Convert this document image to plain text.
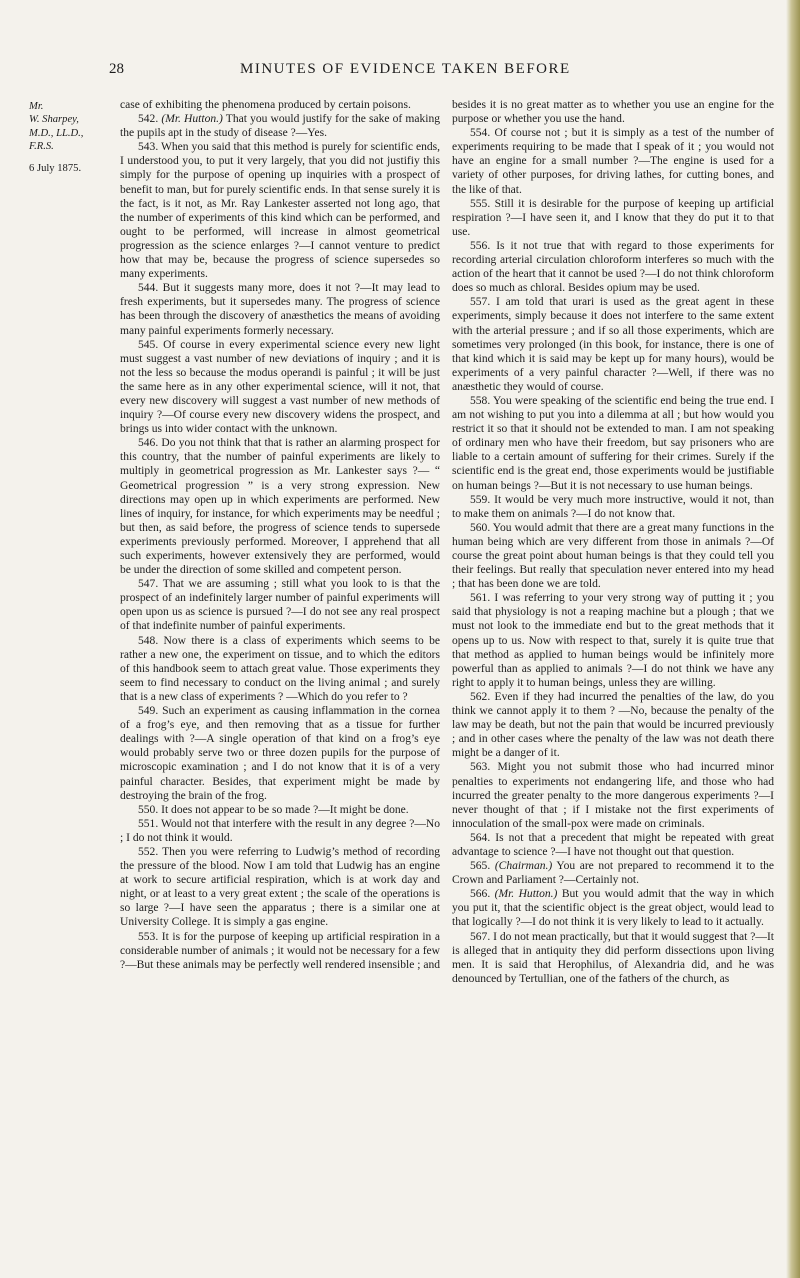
28	MINUTES OF EVIDENCE TAKEN BEFORE
Mr.
W. Sharpey,
M.D., LL.D.,
F.R.S.
6 July 1875.

case of exhibiting the phenomena produced by certain poisons.

542. (Mr. Hutton.) That you would justify for the sake of making the pupils apt in the study of disease ?—Yes.

543. When you said that this method is purely for scientific ends, I understood you, to put it very largely, that you did not justifiy this simply for the purpose of opening up inquiries with a prospect of benefit to man, but for purely scientific ends. In that sense surely it is the fact, is it not, as Mr. Ray Lankester asserted not long ago, that the number of experiments of this kind which can be performed, and ought to be performed, will increase in almost geometrical progression as the science enlarges ?—I cannot venture to predict how that may be, because the progress of science supersedes so many experiments.

544. But it suggests many more, does it not ?—It may lead to fresh experiments, but it supersedes many. The progress of science has been through the discovery of anæsthetics the means of avoiding many painful experiments formerly necessary.

545. Of course in every experimental science every new light must suggest a vast number of new deviations of inquiry ; and it is not the less so because the modus operandi is painful ; it will be just the same here as in any other experimental science, will it not, that every new discovery will suggest a vast number of new methods of inquiry ?—Of course every new discovery widens the prospect, and brings us into wider contact with the unknown.

546. Do you not think that that is rather an alarming prospect for this country, that the number of painful experiments are likely to multiply in geometrical progression as Mr. Lankester says ?— “ Geometrical progression ” is a very strong expression. New directions may open up in which experiments are performed. New lines of inquiry, for instance, for which experiments may be needful ; but then, as said before, the progress of science tends to supersede experiments previously performed. Moreover, I apprehend that all such experiments, however extensively they are performed, would be under the direction of some skilled and competent person.

547. That we are assuming ; still what you look to is that the prospect of an indefinitely larger number of painful experiments will open upon us as science is pursued ?—I do not see any real prospect of that indefinite number of painful experiments.

548. Now there is a class of experiments which seems to be rather a new one, the experiment on tissue, and to which the editors of this handbook seem to attach great value. Those experiments they seem to find necessary to conduct on the living animal ; and surely that is a new class of experiments ? —Which do you refer to ?

549. Such an experiment as causing inflammation in the cornea of a frog’s eye, and then removing that as a tissue for further dealings with ?—A single operation of that kind on a frog’s eye would probably serve two or three dozen pupils for the purpose of microscopic examination ; and I do not know that it is of a very painful character. Besides, that experiment might be made by destroying the brain of the frog.

550. It does not appear to be so made ?—It might be done.

551. Would not that interfere with the result in any degree ?—No ; I do not think it would.

552. Then you were referring to Ludwig’s method of recording the pressure of the blood. Now I am told that Ludwig has an engine at work to secure artificial respiration, which is at work day and night, or at least to a very great extent ; the scale of the operations is so large ?—I have seen the apparatus ; there is a similar one at University College. It is simply a gas engine.

553. It is for the purpose of keeping up artificial respiration in a considerable number of animals ; it would not be necessary for a few ?—But these animals may be perfectly well rendered insensible ; and

besides it is no great matter as to whether you use an engine for the purpose or whether you use the hand.

554. Of course not ; but it is simply as a test of the number of experiments requiring to be made that I speak of it ; you would not have an engine for a small number ?—The engine is used for a variety of other purposes, for driving lathes, for cutting bones, and the like of that.

555. Still it is desirable for the purpose of keeping up artificial respiration ?—I have seen it, and I know that they do put it to that use.

556. Is it not true that with regard to those experiments for recording arterial circulation chloroform interferes so much with the action of the heart that it cannot be used ?—I do not think chloroform does so much as chloral. Besides opium may be used.

557. I am told that urari is used as the great agent in these experiments, simply because it does not interfere to the same extent with the arterial pressure ; and if so all those experiments, which are sometimes very prolonged (in this book, for instance, there is one of that kind which it is said may be kept up for many hours), would be experiments of a very painful character ?—Well, if there was no anæsthetic they would of course.

558. You were speaking of the scientific end being the true end. I am not wishing to put you into a dilemma at all ; but how would you restrict it so that it should not be extended to man. I am not speaking of ordinary men who have their freedom, but say prisoners who are liable to a certain amount of suffering for their crimes. Surely if the scientific end is the great end, those experiments would be justifiable on human beings ?—But it is not necessary to use human beings.

559. It would be very much more instructive, would it not, than to make them on animals ?—I do not know that.

560. You would admit that there are a great many functions in the human being which are very different from those in animals ?—Of course the great point about human beings is that they could tell you their feelings. But really that speculation never entered into my head ; that has been done we are told.

561. I was referring to your very strong way of putting it ; you said that physiology is not a reaping machine but a plough ; that we must not look to the immediate end but to the great methods that it opens up to us. Now with respect to that, surely it is quite true that that method as applied to human beings would be infinitely more powerful than as applied to animals ?—I do not think we have any right to apply it to human beings, unless they are willing.

562. Even if they had incurred the penalties of the law, do you think we cannot apply it to them ? —No, because the penalty of the law may be death, but not the pain that would be incurred previously ; and in other cases where the penalty of the law was not death there might be a danger of it.

563. Might you not submit those who had incurred minor penalties to experiments not endangering life, and those who had incurred the greater penalty to the more dangerous experiments ?—I never thought of that ; if I mistake not the first experiments of innoculation of the small-pox were made on criminals.

564. Is not that a precedent that might be repeated with great advantage to science ?—I have not thought out that question.

565. (Chairman.) You are not prepared to recommend it to the Crown and Parliament ?—Certainly not.

566. (Mr. Hutton.) But you would admit that the way in which you put it, that the scientific object is the great object, would lead to that logically ?—I do not think it is very likely to lead to it actually.

567. I do not mean practically, but that it would suggest that ?—It is alleged that in antiquity they did perform dissections upon living men. It is said that Herophilus, of Alexandria did, and he was denounced by Tertullian, one of the fathers of the church, as
